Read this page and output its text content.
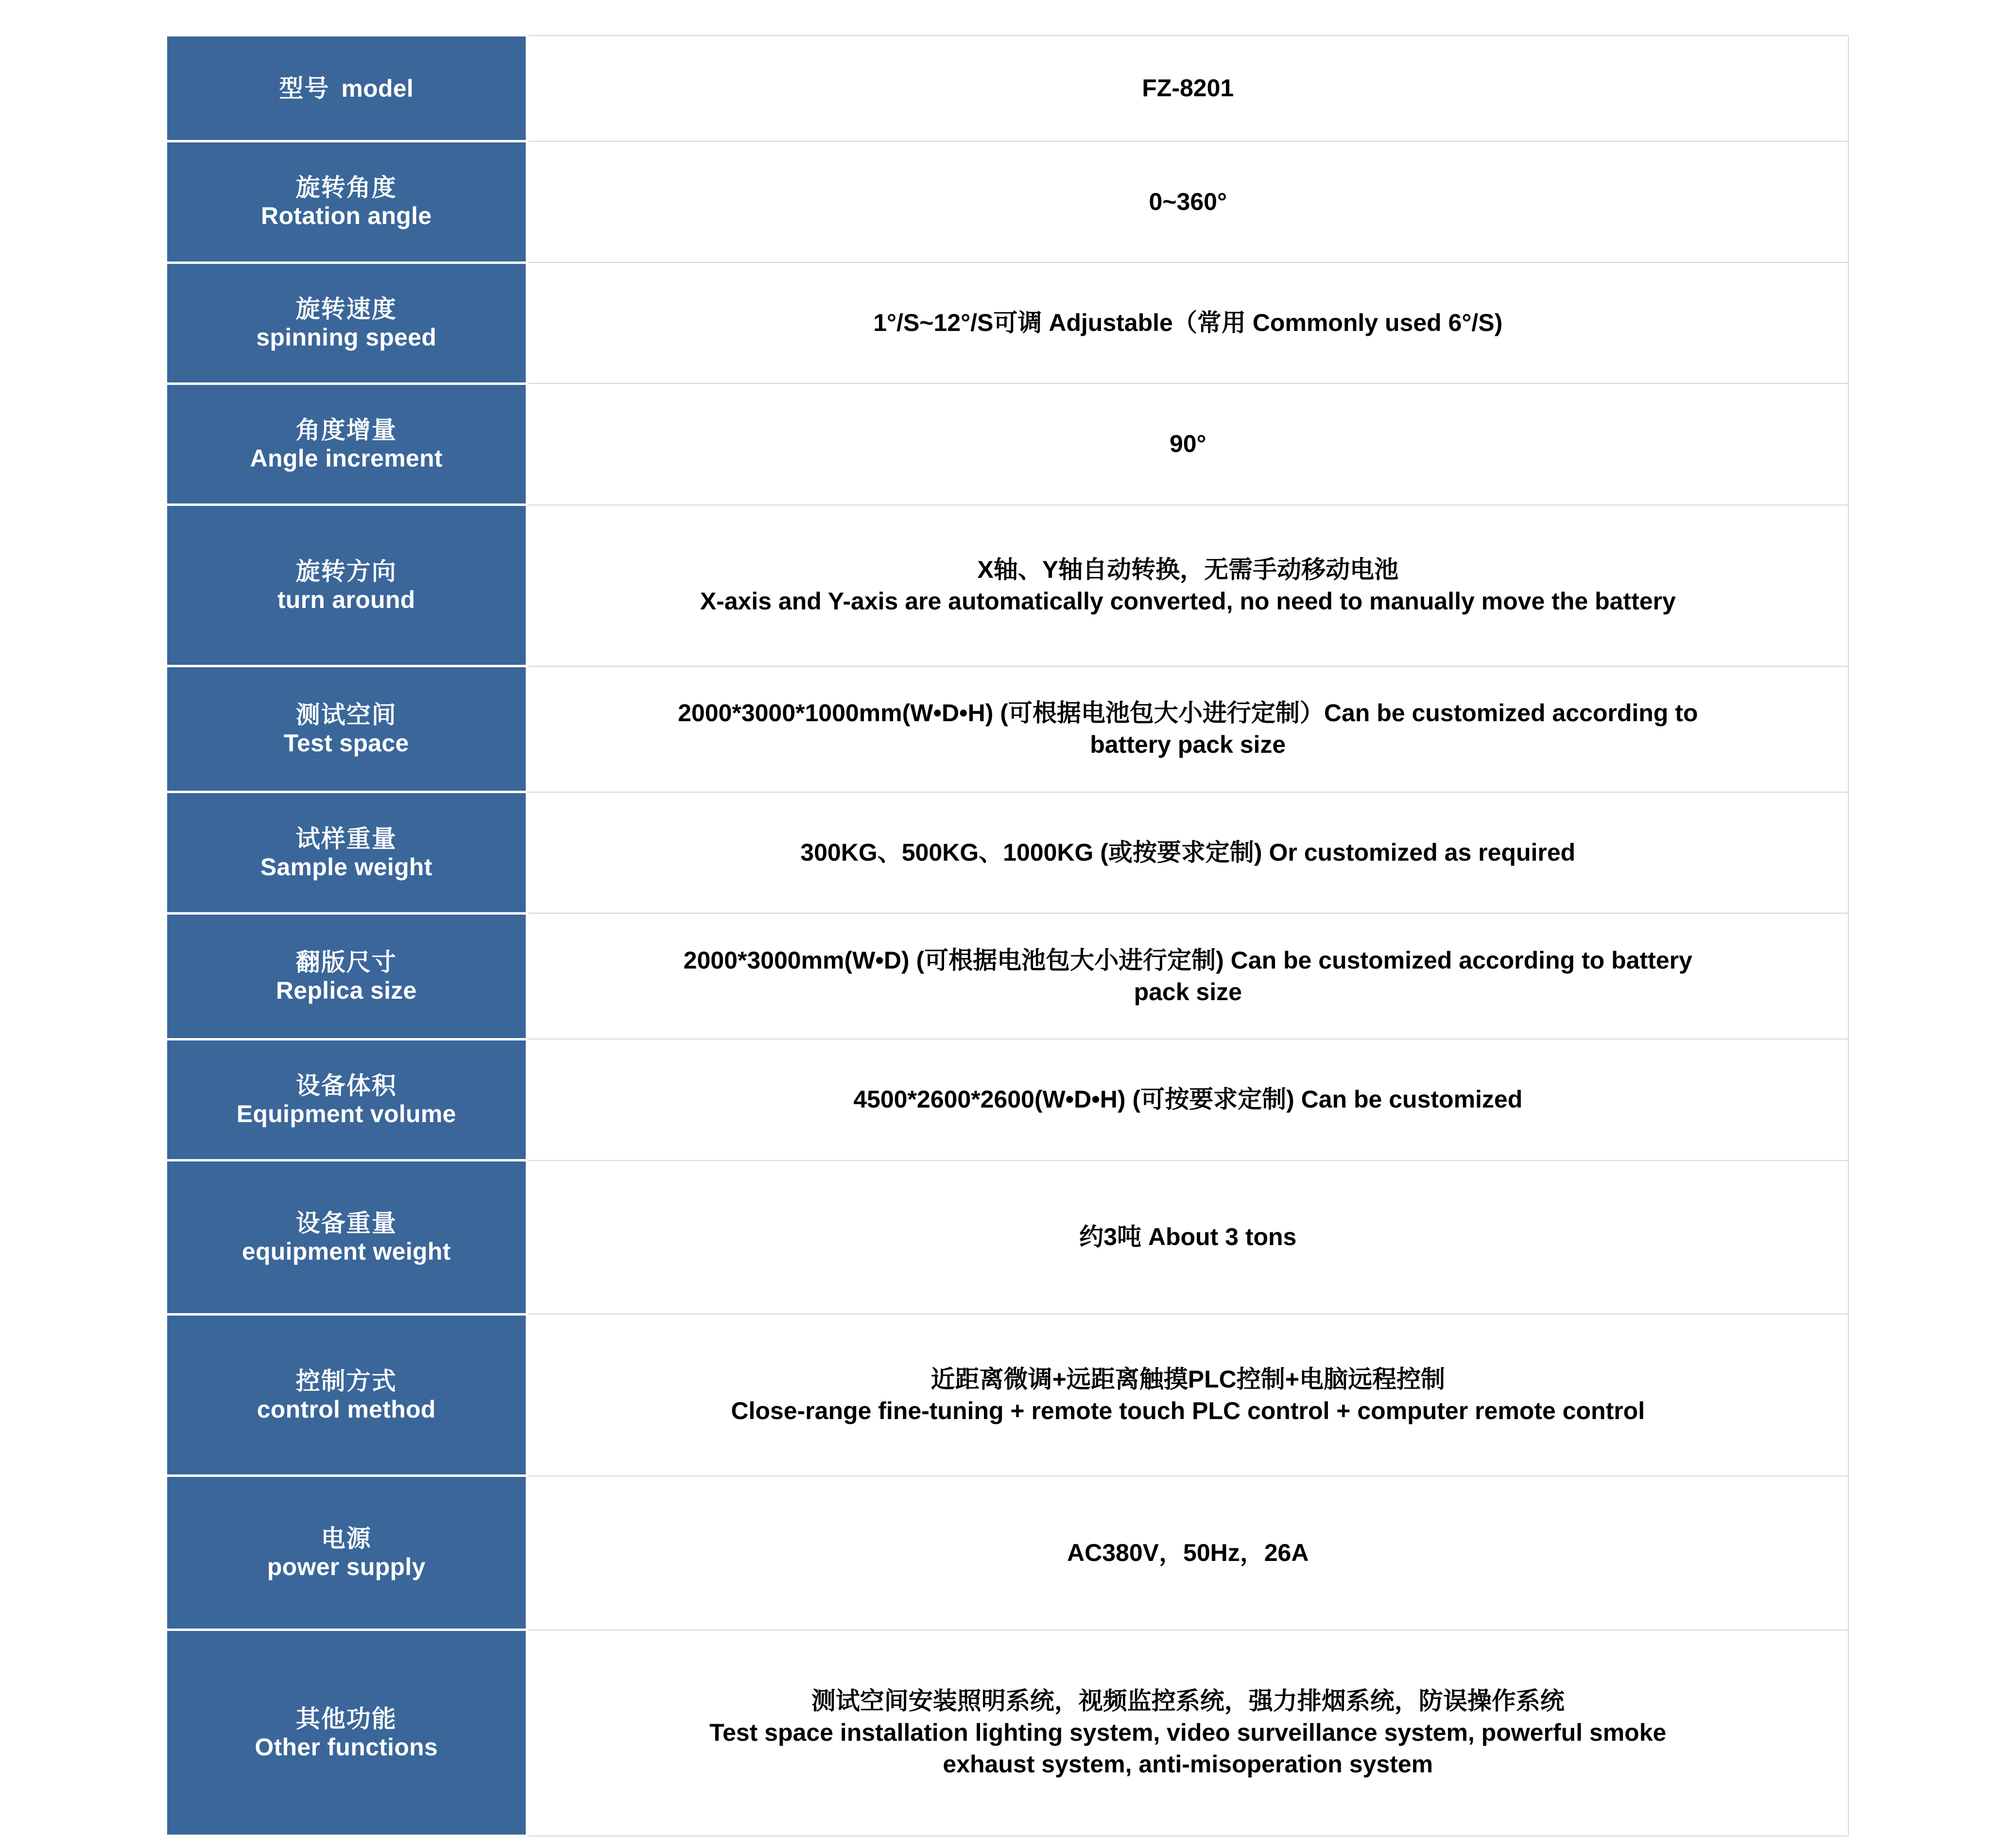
型号 model	FZ-8201

旋转角度
Rotation angle	0~360°

旋转速度
spinning speed	1°/S~12°/S可调 Adjustable（常用 Commonly used 6°/S)

角度增量
Angle increment	90°

旋转方向
turn around	X轴、Y轴自动转换，无需手动移动电池
X-axis and Y-axis are automatically converted, no need to manually move the battery

测试空间
Test space	2000*3000*1000mm(W•D•H) (可根据电池包大小进行定制）Can be customized according to
battery pack size

试样重量
Sample weight	300KG、500KG、1000KG (或按要求定制) Or customized as required

翻版尺寸
Replica size	2000*3000mm(W•D) (可根据电池包大小进行定制) Can be customized according to battery
pack size

设备体积
Equipment volume	4500*2600*2600(W•D•H) (可按要求定制) Can be customized

设备重量
equipment weight	约3吨 About 3 tons

控制方式
control method	近距离微调+远距离触摸PLC控制+电脑远程控制
Close-range fine-tuning + remote touch PLC control + computer remote control

电源
power supply	AC380V，50Hz，26A

其他功能
Other functions	测试空间安装照明系统，视频监控系统，强力排烟系统，防误操作系统
Test space installation lighting system, video surveillance system, powerful smoke
exhaust system, anti-misoperation system
